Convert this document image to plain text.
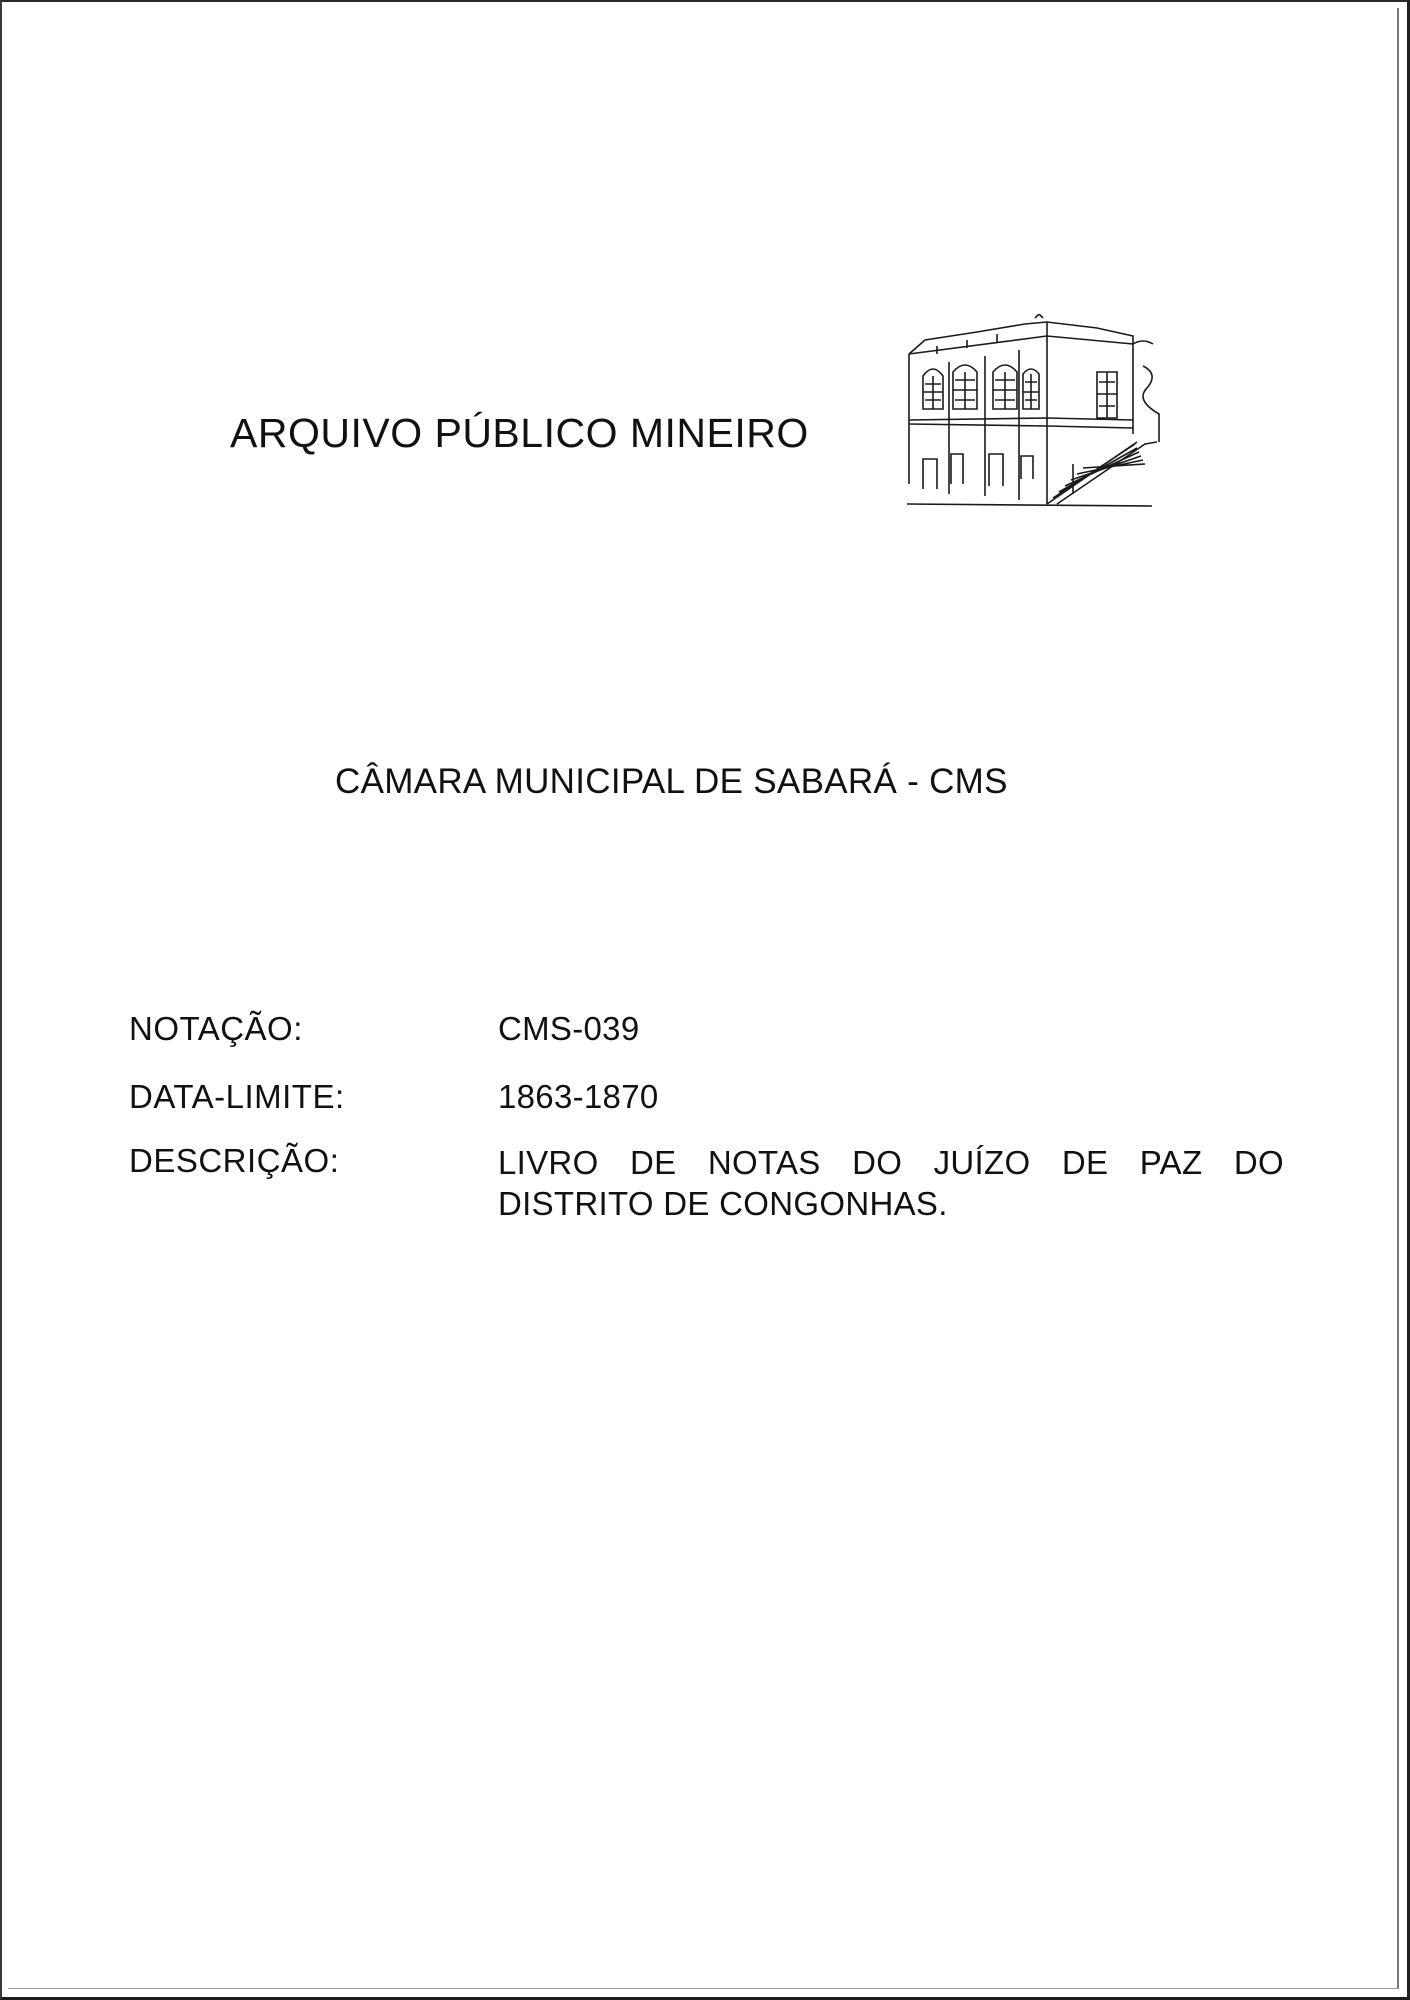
ARQUIVO PÚBLICO MINEIRO
CÂMARA MUNICIPAL DE SABARÁ - CMS
NOTAÇÃO:	CMS-039
DATA-LIMITE:	1863-1870
DESCRIÇÃO:	LIVRO DE NOTAS DO JUÍZO DE PAZ DO
DISTRITO DE CONGONHAS.
